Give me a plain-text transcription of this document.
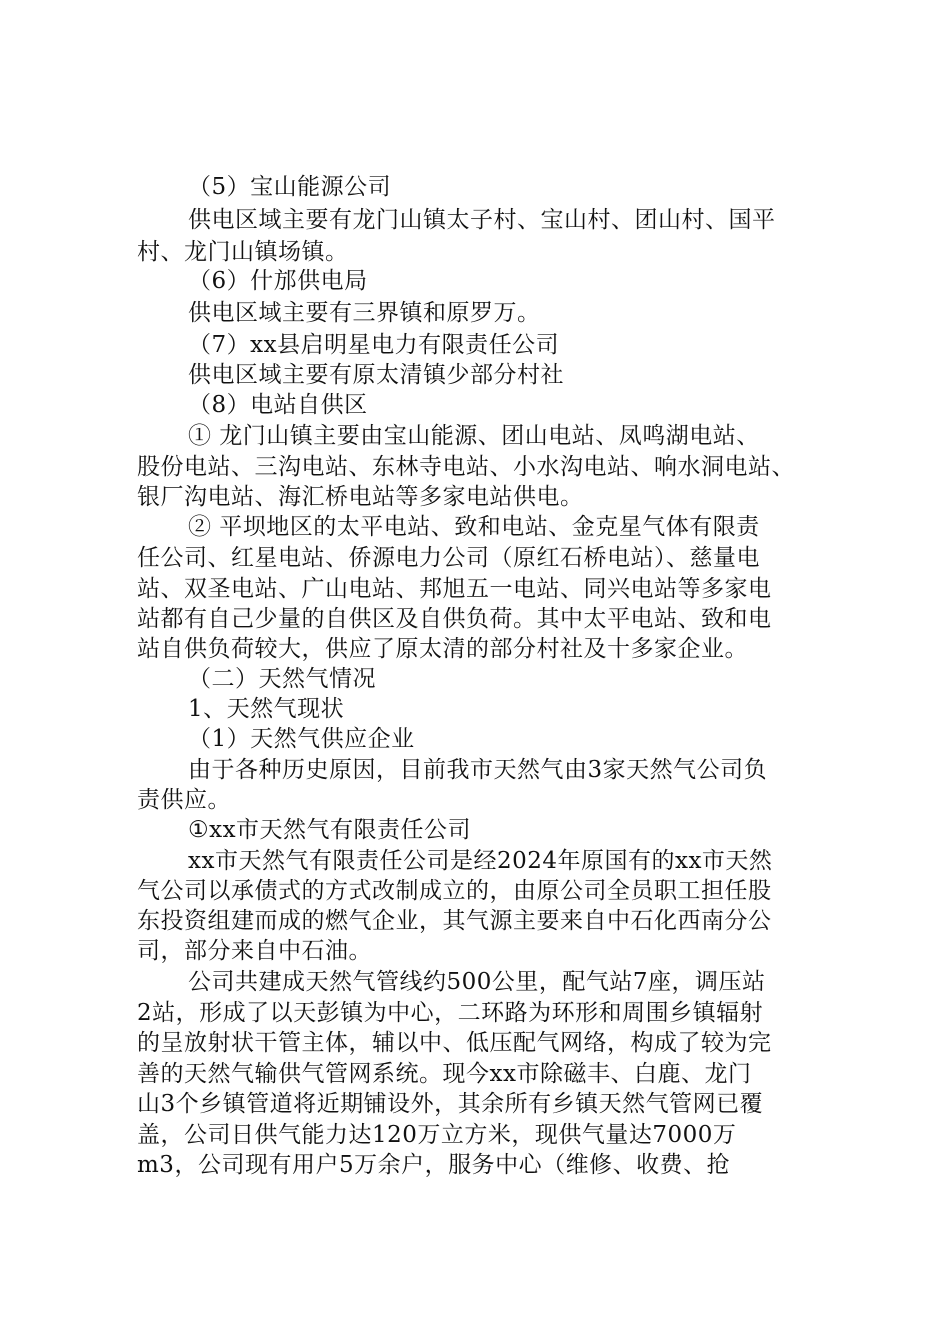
（5）宝山能源公司
供电区域主要有龙门山镇太子村、宝山村、团山村、国平
村、龙门山镇场镇。
（6）什邡供电局
供电区域主要有三界镇和原罗万。
（7）xx县启明星电力有限责任公司
供电区域主要有原太清镇少部分村社
（8）电站自供区
① 龙门山镇主要由宝山能源、团山电站、凤鸣湖电站、
股份电站、三沟电站、东林寺电站、小水沟电站、响水洞电站、
银厂沟电站、海汇桥电站等多家电站供电。
② 平坝地区的太平电站、致和电站、金克星气体有限责
任公司、红星电站、侨源电力公司（原红石桥电站）、慈量电
站、双圣电站、广山电站、邦旭五一电站、同兴电站等多家电
站都有自己少量的自供区及自供负荷。其中太平电站、致和电
站自供负荷较大，供应了原太清的部分村社及十多家企业。
（二）天然气情况
1、天然气现状
（1）天然气供应企业
由于各种历史原因，目前我市天然气由3家天然气公司负
责供应。
①xx市天然气有限责任公司
xx市天然气有限责任公司是经2024年原国有的xx市天然
气公司以承债式的方式改制成立的，由原公司全员职工担任股
东投资组建而成的燃气企业，其气源主要来自中石化西南分公
司，部分来自中石油。
公司共建成天然气管线约500公里，配气站7座，调压站
2站，形成了以天彭镇为中心，二环路为环形和周围乡镇辐射
的呈放射状干管主体，辅以中、低压配气网络，构成了较为完
善的天然气输供气管网系统。现今xx市除磁丰、白鹿、龙门
山3个乡镇管道将近期铺设外，其余所有乡镇天然气管网已覆
盖，公司日供气能力达120万立方米，现供气量达7000万
m3，公司现有用户5万余户，服务中心（维修、收费、抢
